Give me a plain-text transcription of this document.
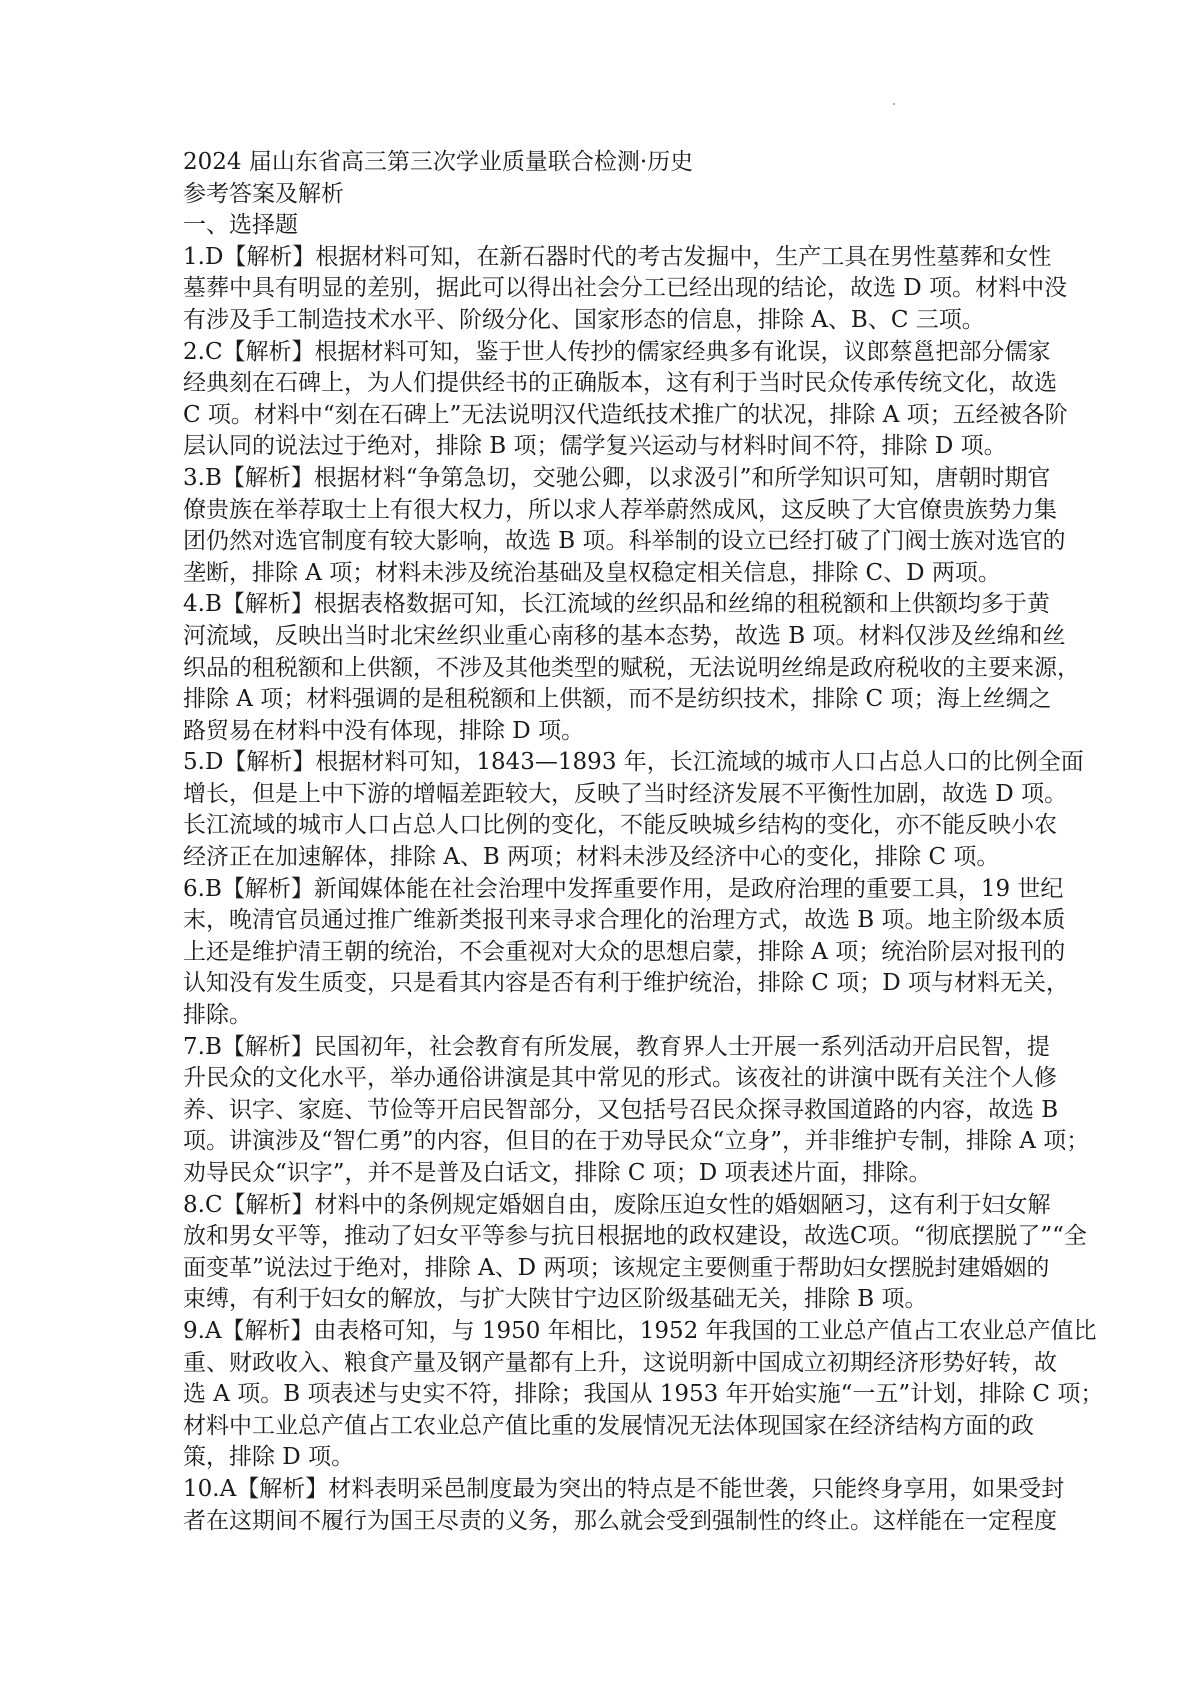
2024 届山东省高三第三次学业质量联合检测·历史
参考答案及解析
一、选择题
1.D【解析】根据材料可知，在新石器时代的考古发掘中，生产工具在男性墓葬和女性
墓葬中具有明显的差别，据此可以得出社会分工已经出现的结论，故选 D 项。材料中没
有涉及手工制造技术水平、阶级分化、国家形态的信息，排除 A、B、C 三项。
2.C【解析】根据材料可知，鉴于世人传抄的儒家经典多有讹误，议郎蔡邕把部分儒家
经典刻在石碑上，为人们提供经书的正确版本，这有利于当时民众传承传统文化，故选
C 项。材料中“刻在石碑上”无法说明汉代造纸技术推广的状况，排除 A 项；五经被各阶
层认同的说法过于绝对，排除 B 项；儒学复兴运动与材料时间不符，排除 D 项。
3.B【解析】根据材料“争第急切，交驰公卿，以求汲引”和所学知识可知，唐朝时期官
僚贵族在举荐取士上有很大权力，所以求人荐举蔚然成风，这反映了大官僚贵族势力集
团仍然对选官制度有较大影响，故选 B 项。科举制的设立已经打破了门阀士族对选官的
垄断，排除 A 项；材料未涉及统治基础及皇权稳定相关信息，排除 C、D 两项。
4.B【解析】根据表格数据可知，长江流域的丝织品和丝绵的租税额和上供额均多于黄
河流域，反映出当时北宋丝织业重心南移的基本态势，故选 B 项。材料仅涉及丝绵和丝
织品的租税额和上供额，不涉及其他类型的赋税，无法说明丝绵是政府税收的主要来源，
排除 A 项；材料强调的是租税额和上供额，而不是纺织技术，排除 C 项；海上丝绸之
路贸易在材料中没有体现，排除 D 项。
5.D【解析】根据材料可知，1843—1893 年，长江流域的城市人口占总人口的比例全面
增长，但是上中下游的增幅差距较大，反映了当时经济发展不平衡性加剧，故选 D 项。
长江流域的城市人口占总人口比例的变化，不能反映城乡结构的变化，亦不能反映小农
经济正在加速解体，排除 A、B 两项；材料未涉及经济中心的变化，排除 C 项。
6.B【解析】新闻媒体能在社会治理中发挥重要作用，是政府治理的重要工具，19 世纪
末，晚清官员通过推广维新类报刊来寻求合理化的治理方式，故选 B 项。地主阶级本质
上还是维护清王朝的统治，不会重视对大众的思想启蒙，排除 A 项；统治阶层对报刊的
认知没有发生质变，只是看其内容是否有利于维护统治，排除 C 项；D 项与材料无关，
排除。
7.B【解析】民国初年，社会教育有所发展，教育界人士开展一系列活动开启民智，提
升民众的文化水平，举办通俗讲演是其中常见的形式。该夜社的讲演中既有关注个人修
养、识字、家庭、节俭等开启民智部分，又包括号召民众探寻救国道路的内容，故选 B
项。讲演涉及“智仁勇”的内容，但目的在于劝导民众“立身”，并非维护专制，排除 A 项；
劝导民众“识字”，并不是普及白话文，排除 C 项；D 项表述片面，排除。
8.C【解析】材料中的条例规定婚姻自由，废除压迫女性的婚姻陋习，这有利于妇女解
放和男女平等，推动了妇女平等参与抗日根据地的政权建设，故选C项。“彻底摆脱了”“全
面变革”说法过于绝对，排除 A、D 两项；该规定主要侧重于帮助妇女摆脱封建婚姻的
束缚，有利于妇女的解放，与扩大陕甘宁边区阶级基础无关，排除 B 项。
9.A【解析】由表格可知，与 1950 年相比，1952 年我国的工业总产值占工农业总产值比
重、财政收入、粮食产量及钢产量都有上升，这说明新中国成立初期经济形势好转，故
选 A 项。B 项表述与史实不符，排除；我国从 1953 年开始实施“一五”计划，排除 C 项；
材料中工业总产值占工农业总产值比重的发展情况无法体现国家在经济结构方面的政
策，排除 D 项。
10.A【解析】材料表明采邑制度最为突出的特点是不能世袭，只能终身享用，如果受封
者在这期间不履行为国王尽责的义务，那么就会受到强制性的终止。这样能在一定程度
